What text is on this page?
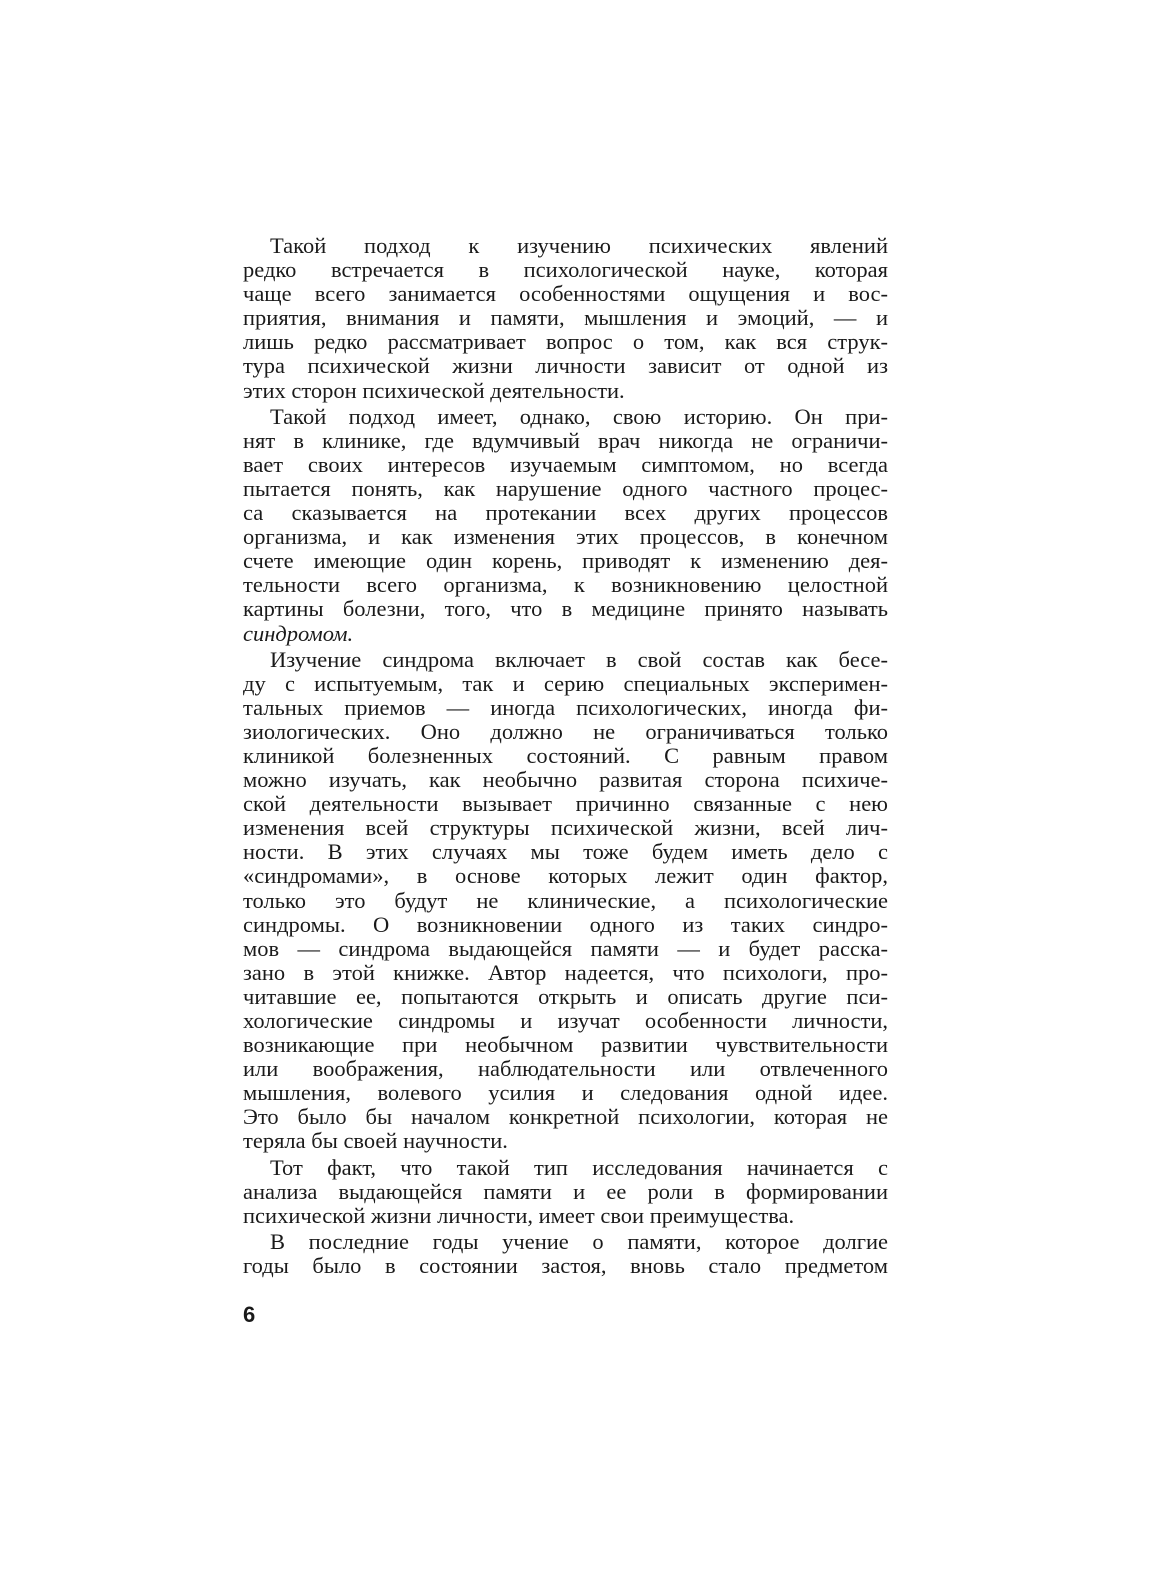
Такой подход к изучению психических явлений
редко встречается в психологической науке, которая
чаще всего занимается особенностями ощущения и вос-
приятия, внимания и памяти, мышления и эмоций, — и
лишь редко рассматривает вопрос о том, как вся струк-
тура психической жизни личности зависит от одной из
этих сторон психической деятельности.
Такой подход имеет, однако, свою историю. Он при-
нят в клинике, где вдумчивый врач никогда не ограничи-
вает своих интересов изучаемым симптомом, но всегда
пытается понять, как нарушение одного частного процес-
са сказывается на протекании всех других процессов
организма, и как изменения этих процессов, в конечном
счете имеющие один корень, приводят к изменению дея-
тельности всего организма, к возникновению целостной
картины болезни, того, что в медицине принято называть
синдромом.
Изучение синдрома включает в свой состав как бесе-
ду с испытуемым, так и серию специальных эксперимен-
тальных приемов — иногда психологических, иногда фи-
зиологических. Оно должно не ограничиваться только
клиникой болезненных состояний. С равным правом
можно изучать, как необычно развитая сторона психиче-
ской деятельности вызывает причинно связанные с нею
изменения всей структуры психической жизни, всей лич-
ности. В этих случаях мы тоже будем иметь дело с
«синдромами», в основе которых лежит один фактор,
только это будут не клинические, а психологические
синдромы. О возникновении одного из таких синдро-
мов — синдрома выдающейся памяти — и будет расска-
зано в этой книжке. Автор надеется, что психологи, про-
читавшие ее, попытаются открыть и описать другие пси-
хологические синдромы и изучат особенности личности,
возникающие при необычном развитии чувствительности
или воображения, наблюдательности или отвлеченного
мышления, волевого усилия и следования одной идее.
Это было бы началом конкретной психологии, которая не
теряла бы своей научности.
Тот факт, что такой тип исследования начинается с
анализа выдающейся памяти и ее роли в формировании
психической жизни личности, имеет свои преимущества.
В последние годы учение о памяти, которое долгие
годы было в состоянии застоя, вновь стало предметом
6
